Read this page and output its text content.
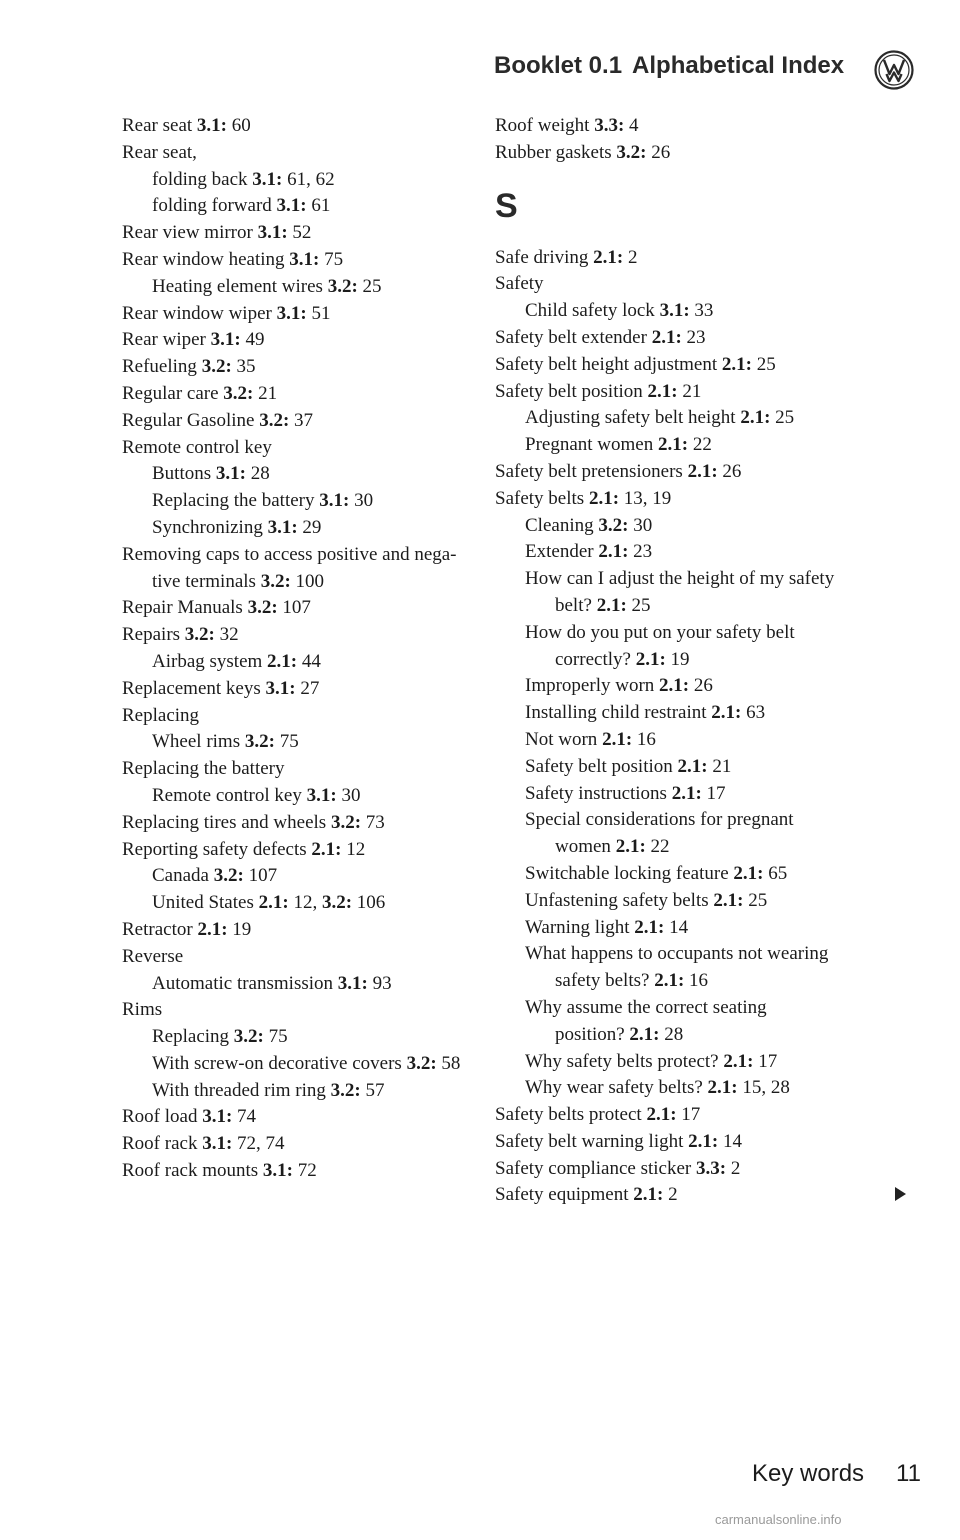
Booklet 0.1 Alphabetical Index
Rear seat 3.1: 60
Rear seat,
folding back 3.1: 61, 62
folding forward 3.1: 61
Rear view mirror 3.1: 52
Rear window heating 3.1: 75
Heating element wires 3.2: 25
Rear window wiper 3.1: 51
Rear wiper 3.1: 49
Refueling 3.2: 35
Regular care 3.2: 21
Regular Gasoline 3.2: 37
Remote control key
Buttons 3.1: 28
Replacing the battery 3.1: 30
Synchronizing 3.1: 29
Removing caps to access positive and nega-
tive terminals 3.2: 100
Repair Manuals 3.2: 107
Repairs 3.2: 32
Airbag system 2.1: 44
Replacement keys 3.1: 27
Replacing
Wheel rims 3.2: 75
Replacing the battery
Remote control key 3.1: 30
Replacing tires and wheels 3.2: 73
Reporting safety defects 2.1: 12
Canada 3.2: 107
United States 2.1: 12, 3.2: 106
Retractor 2.1: 19
Reverse
Automatic transmission 3.1: 93
Rims
Replacing 3.2: 75
With screw-on decorative covers 3.2: 58
With threaded rim ring 3.2: 57
Roof load 3.1: 74
Roof rack 3.1: 72, 74
Roof rack mounts 3.1: 72
Roof weight 3.3: 4
Rubber gaskets 3.2: 26
S
Safe driving 2.1: 2
Safety
Child safety lock 3.1: 33
Safety belt extender 2.1: 23
Safety belt height adjustment 2.1: 25
Safety belt position 2.1: 21
Adjusting safety belt height 2.1: 25
Pregnant women 2.1: 22
Safety belt pretensioners 2.1: 26
Safety belts 2.1: 13, 19
Cleaning 3.2: 30
Extender 2.1: 23
How can I adjust the height of my safety
belt? 2.1: 25
How do you put on your safety belt
correctly? 2.1: 19
Improperly worn 2.1: 26
Installing child restraint 2.1: 63
Not worn 2.1: 16
Safety belt position 2.1: 21
Safety instructions 2.1: 17
Special considerations for pregnant
women 2.1: 22
Switchable locking feature 2.1: 65
Unfastening safety belts 2.1: 25
Warning light 2.1: 14
What happens to occupants not wearing
safety belts? 2.1: 16
Why assume the correct seating
position? 2.1: 28
Why safety belts protect? 2.1: 17
Why wear safety belts? 2.1: 15, 28
Safety belts protect 2.1: 17
Safety belt warning light 2.1: 14
Safety compliance sticker 3.3: 2
Safety equipment 2.1: 2
Key words 11
carmanualsonline.info
